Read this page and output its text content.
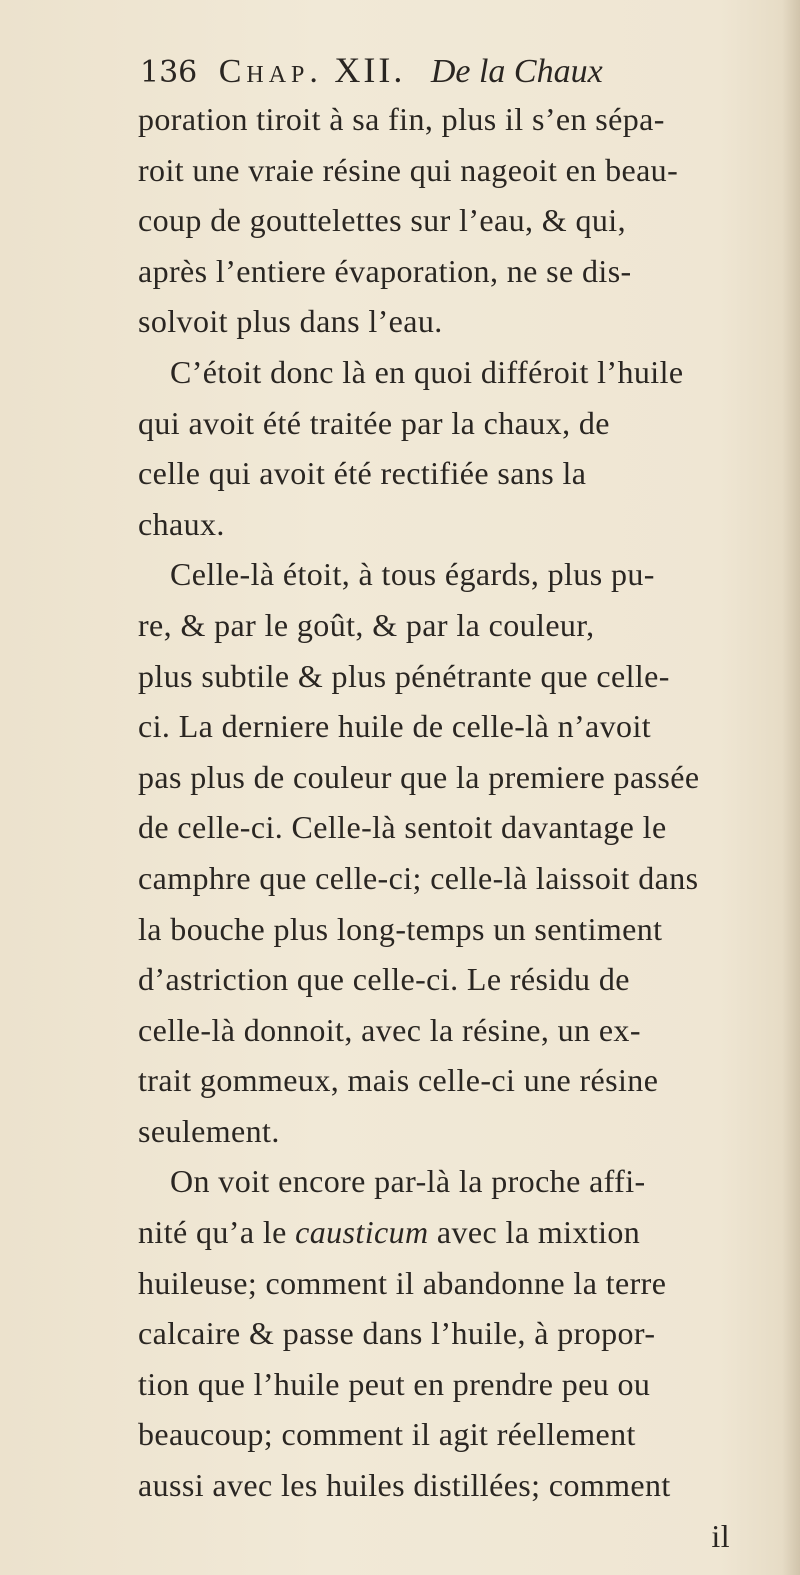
136 Chap. XII. De la Chaux
poration tiroit à sa fin, plus il s’en sépa-
roit une vraie résine qui nageoit en beau-
coup de gouttelettes sur l’eau, & qui,
après l’entiere évaporation, ne se dis-
solvoit plus dans l’eau.
C’étoit donc là en quoi différoit l’huile
qui avoit été traitée par la chaux, de
celle qui avoit été rectifiée sans la
chaux.
Celle-là étoit, à tous égards, plus pu-
re, & par le goût, & par la couleur,
plus subtile & plus pénétrante que celle-
ci. La derniere huile de celle-là n’avoit
pas plus de couleur que la premiere passée
de celle-ci. Celle-là sentoit davantage le
camphre que celle-ci; celle-là laissoit dans
la bouche plus long-temps un sentiment
d’astriction que celle-ci. Le résidu de
celle-là donnoit, avec la résine, un ex-
trait gommeux, mais celle-ci une résine
seulement.
On voit encore par-là la proche affi-
nité qu’a le causticum avec la mixtion
huileuse; comment il abandonne la terre
calcaire & passe dans l’huile, à propor-
tion que l’huile peut en prendre peu ou
beaucoup; comment il agit réellement
aussi avec les huiles distillées; comment
il
